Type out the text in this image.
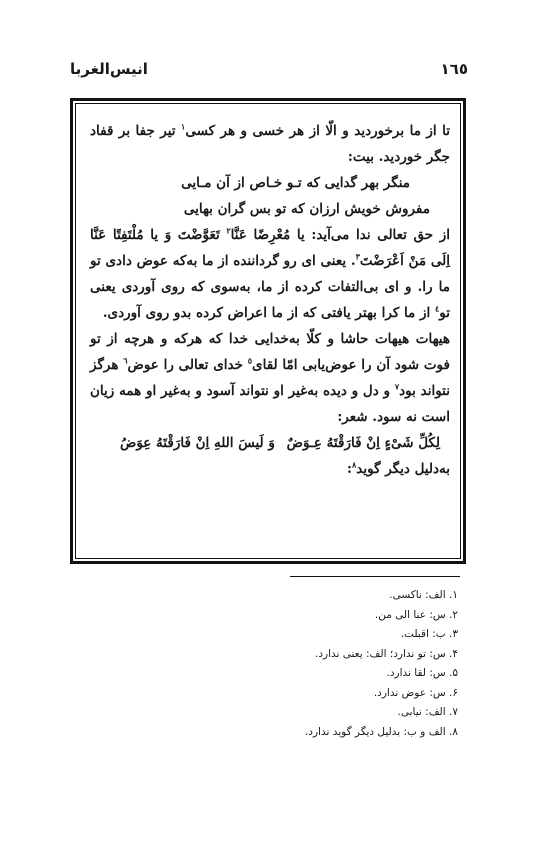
١٦٥
انیس‌الغربا

تا از ما برخوردید و الّا از هر خسی و هر کسی$^١$ تیر جفا بر قفاد جگر خوردید. بیت:

منگر بهر گدایی که تـو خـاص از آن مـایی

مفروش خویش ارزان که تو بس گران بهایی

از حق تعالی ندا می‌آید: یا مُعْرِضًا عَنَّا$^٢$ تَعَوَّضْتَ وَ یا مُلْتَفِتًا عَنَّا اِلَی مَنْ اَعْرَضْتَ$^٣$. یعنی ای رو گرداننده از ما به‌که عوض دادی تو ما را. و ای بی‌التفات کرده از ما، به‌سوی که روی آوردی یعنی تو$^٤$ از ما کرا بهتر یافتی که از ما اعراض کرده بدو روی آوردی.

هیهات هیهات حاشا و کلّا به‌خدایی خدا که هرکه و هرچه از تو فوت شود آن را عوض‌یابی امّا لقای$^٥$ خدای تعالی را عوض$^٦$ هرگز نتواند بود$^٧$ و دل و دیده به‌غیر او نتواند آسود و به‌غیر او همه زیان است نه سود. شعر:

لِکُلِّ شَیْءٍ اِنْ فَارَقْتَهُ عِـوَضٌ
وَ لَیسَ اللهِ اِنْ فَارَقْتَهُ عِوَضُ

به‌دلیل دیگر گوید$^٨$:

١. الف: ناکسی.
٢. س: عنا الی من.
٣. ب: اقبلت.
۴. س: تو ندارد؛ الف: یعنی ندارد.
۵. س: لقا ندارد.
۶. س: عوض ندارد.
٧. الف: نیابی.
٨. الف و ب: بدلیل دیگر گوید ندارد.
